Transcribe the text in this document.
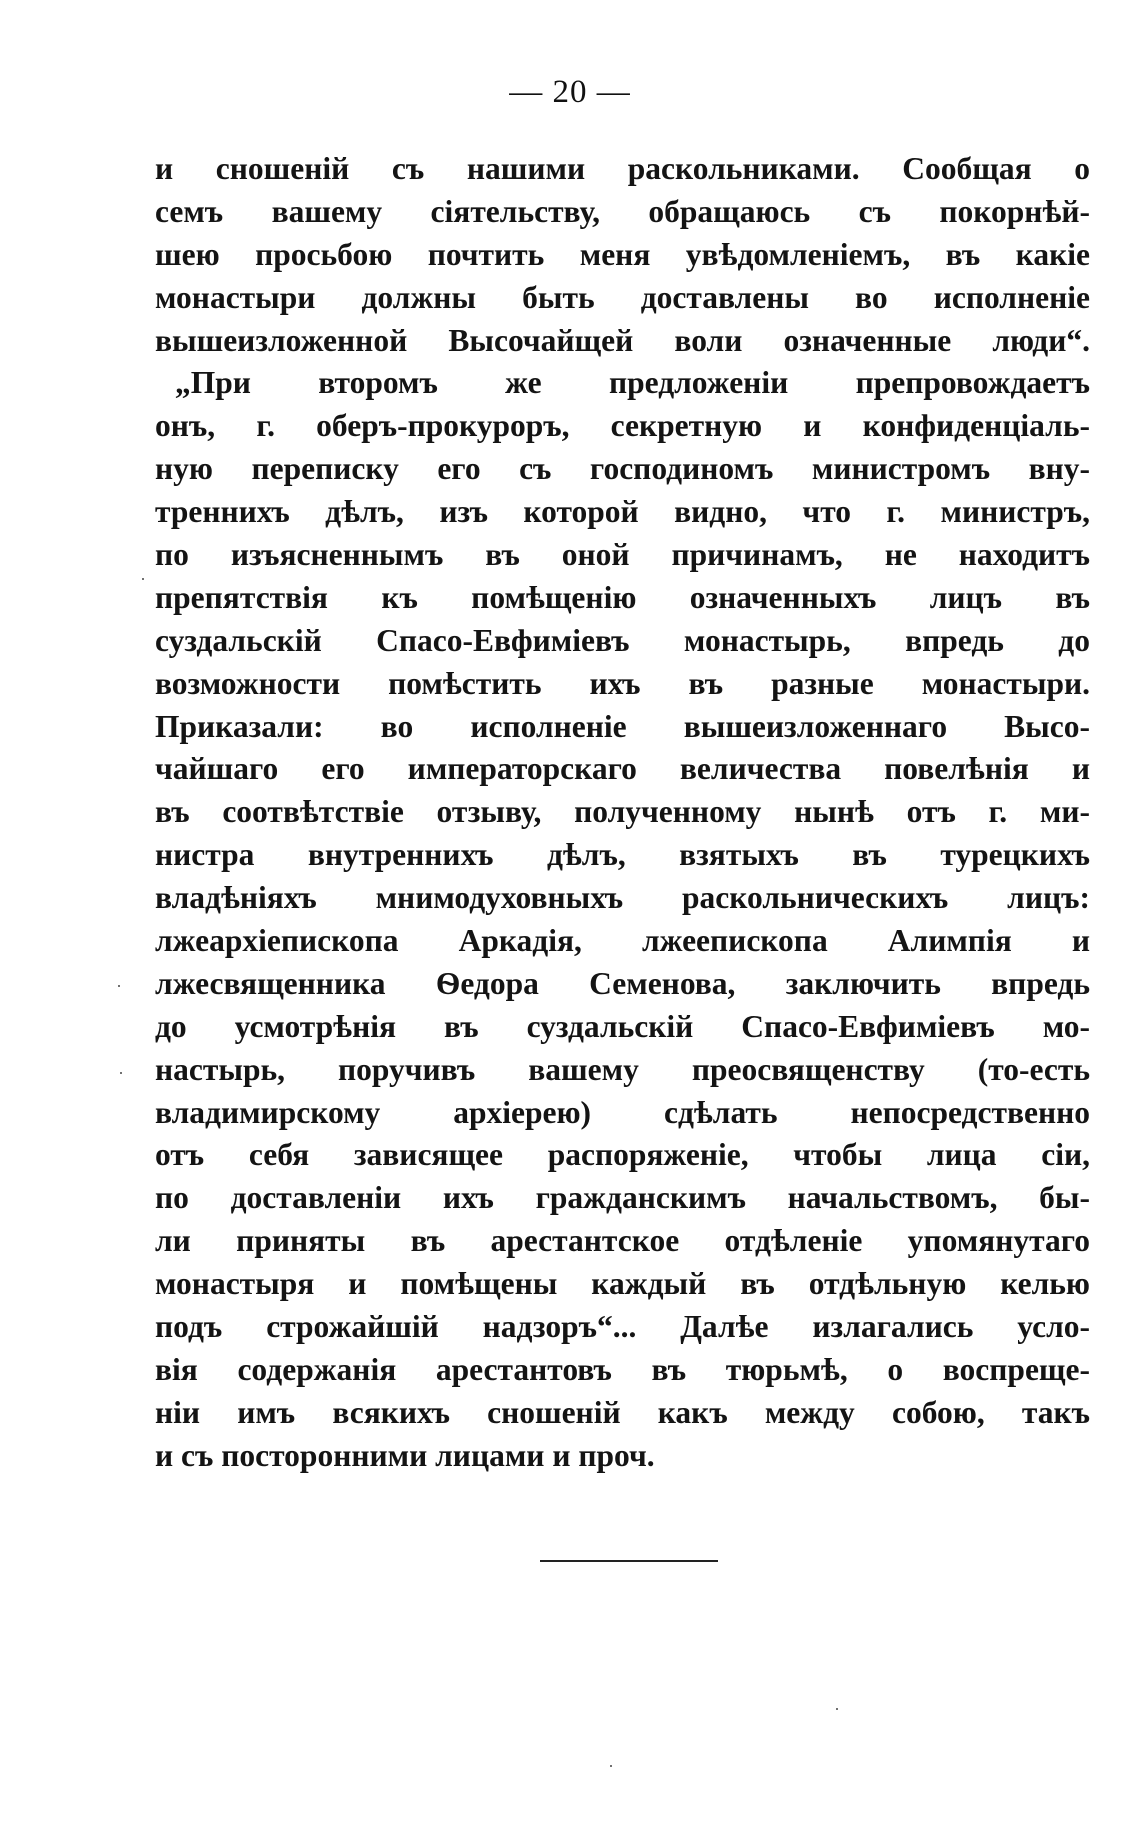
— 20 —
и сношеній съ нашими раскольниками. Сообщая о
семъ вашему сіятельству, обращаюсь съ покорнѣй-
шею просьбою почтить меня увѣдомленіемъ, въ какіе
монастыри должны быть доставлены во исполненіе
вышеизложенной Высочайщей воли означенные люди“.
„При второмъ же предложеніи препровождаетъ
онъ, г. оберъ-прокуроръ, секретную и конфиденціаль-
ную переписку его съ господиномъ министромъ вну-
треннихъ дѣлъ, изъ которой видно, что г. министръ,
по изъясненнымъ въ оной причинамъ, не находитъ
препятствія къ помѣщенію означенныхъ лицъ въ
суздальскій Спасо-Евфиміевъ монастырь, впредь до
возможности помѣстить ихъ въ разные монастыри.
Приказали: во исполненіе вышеизложеннаго Высо-
чайшаго его императорскаго величества повелѣнія и
въ соотвѣтствіе отзыву, полученному нынѣ отъ г. ми-
нистра внутреннихъ дѣлъ, взятыхъ въ турецкихъ
владѣніяхъ мнимодуховныхъ раскольническихъ лицъ:
лжеархіепископа Аркадія, лжеепископа Алимпія и
лжесвященника Ѳедора Семенова, заключить впредь
до усмотрѣнія въ суздальскій Спасо-Евфиміевъ мо-
настырь, поручивъ вашему преосвященству (то-есть
владимирскому архіерею) сдѣлать непосредственно
отъ себя зависящее распоряженіе, чтобы лица сіи,
по доставленіи ихъ гражданскимъ начальствомъ, бы-
ли приняты въ арестантское отдѣленіе упомянутаго
монастыря и помѣщены каждый въ отдѣльную келью
подъ строжайшій надзоръ“... Далѣе излагались усло-
вія содержанія арестантовъ въ тюрьмѣ, о воспреще-
ніи имъ всякихъ сношеній какъ между собою, такъ
и съ посторонними лицами и проч.
